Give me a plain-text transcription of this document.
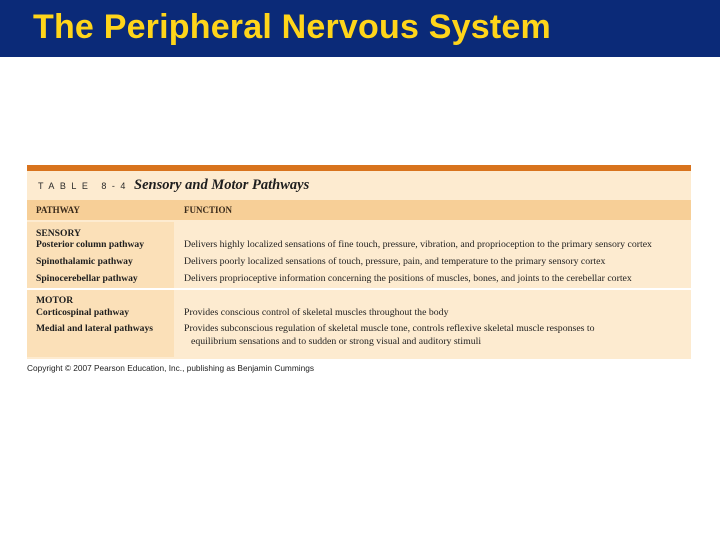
The Peripheral Nervous System
TABLE 8-4 Sensory and Motor Pathways
PATHWAY	FUNCTION
SENSORY
Posterior column pathway	Delivers highly localized sensations of fine touch, pressure, vibration, and proprioception to the primary sensory cortex
Spinothalamic pathway	Delivers poorly localized sensations of touch, pressure, pain, and temperature to the primary sensory cortex
Spinocerebellar pathway	Delivers proprioceptive information concerning the positions of muscles, bones, and joints to the cerebellar cortex
MOTOR
Corticospinal pathway	Provides conscious control of skeletal muscles throughout the body
Medial and lateral pathways	Provides subconscious regulation of skeletal muscle tone, controls reflexive skeletal muscle responses to
equilibrium sensations and to sudden or strong visual and auditory stimuli
Copyright © 2007 Pearson Education, Inc., publishing as Benjamin Cummings
